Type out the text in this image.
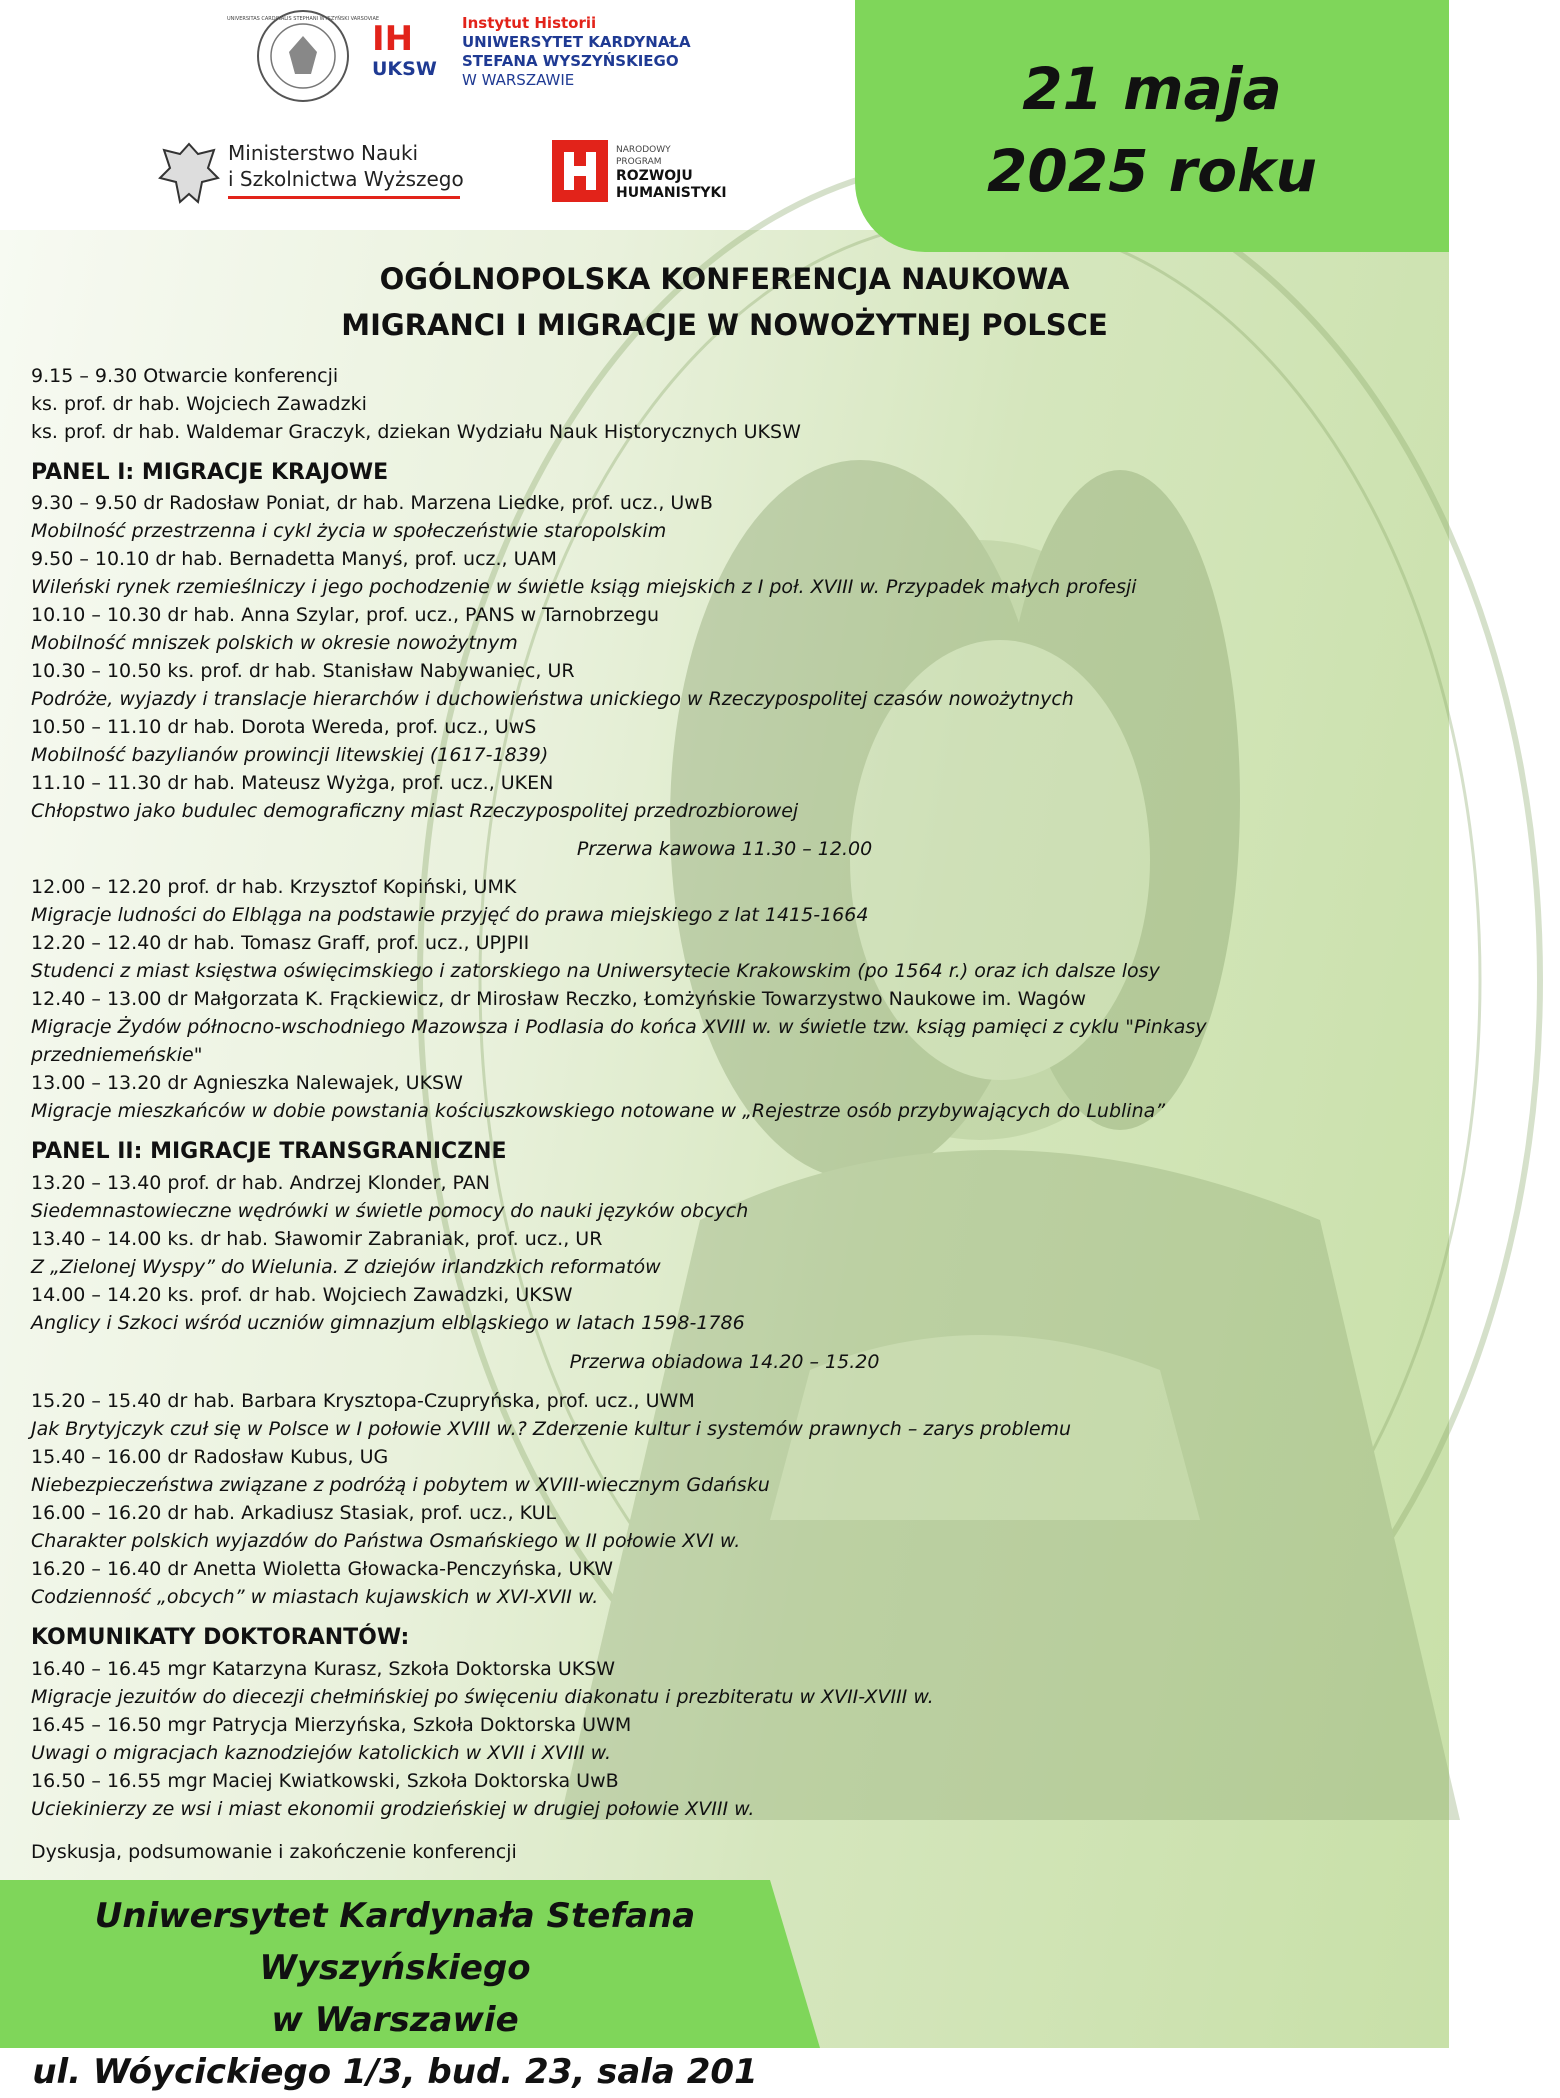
21 maja
2025 roku
UNIVERSITAS CARDINALIS STEPHANI WYSZYŃSKI VARSOVIAE
IH
UKSW
Instytut Historii
UNIWERSYTET KARDYNAŁA
STEFANA WYSZYŃSKIEGO
W WARSZAWIE
Ministerstwo Nauki
i Szkolnictwa Wyższego
NARODOWY
PROGRAM
ROZWOJU
HUMANISTYKI
OGÓLNOPOLSKA KONFERENCJA NAUKOWA
MIGRANCI I MIGRACJE W NOWOŻYTNEJ POLSCE
9.15 – 9.30 Otwarcie konferencji
ks. prof. dr hab. Wojciech Zawadzki
ks. prof. dr hab. Waldemar Graczyk, dziekan Wydziału Nauk Historycznych UKSW
PANEL I: MIGRACJE KRAJOWE
9.30 – 9.50 dr Radosław Poniat, dr hab. Marzena Liedke, prof. ucz., UwB
Mobilność przestrzenna i cykl życia w społeczeństwie staropolskim
9.50 – 10.10 dr hab. Bernadetta Manyś, prof. ucz., UAM
Wileński rynek rzemieślniczy i jego pochodzenie w świetle ksiąg miejskich z I poł. XVIII w. Przypadek małych profesji
10.10 – 10.30 dr hab. Anna Szylar, prof. ucz., PANS w Tarnobrzegu
Mobilność mniszek polskich w okresie nowożytnym
10.30 – 10.50 ks. prof. dr hab. Stanisław Nabywaniec, UR
Podróże, wyjazdy i translacje hierarchów i duchowieństwa unickiego w Rzeczypospolitej czasów nowożytnych
10.50 – 11.10 dr hab. Dorota Wereda, prof. ucz., UwS
Mobilność bazylianów prowincji litewskiej (1617-1839)
11.10 – 11.30 dr hab. Mateusz Wyżga, prof. ucz., UKEN
Chłopstwo jako budulec demograficzny miast Rzeczypospolitej przedrozbiorowej
Przerwa kawowa 11.30 – 12.00
12.00 – 12.20 prof. dr hab. Krzysztof Kopiński, UMK
Migracje ludności do Elbląga na podstawie przyjęć do prawa miejskiego z lat 1415-1664
12.20 – 12.40 dr hab. Tomasz Graff, prof. ucz., UPJPII
Studenci z miast księstwa oświęcimskiego i zatorskiego na Uniwersytecie Krakowskim (po 1564 r.) oraz ich dalsze losy
12.40 – 13.00 dr Małgorzata K. Frąckiewicz, dr Mirosław Reczko, Łomżyńskie Towarzystwo Naukowe im. Wagów
Migracje Żydów północno-wschodniego Mazowsza i Podlasia do końca XVIII w. w świetle tzw. ksiąg pamięci z cyklu "Pinkasy
przedniemeńskie"
13.00 – 13.20 dr Agnieszka Nalewajek, UKSW
Migracje mieszkańców w dobie powstania kościuszkowskiego notowane w „Rejestrze osób przybywających do Lublina”
PANEL II: MIGRACJE TRANSGRANICZNE
13.20 – 13.40 prof. dr hab. Andrzej Klonder, PAN
Siedemnastowieczne wędrówki w świetle pomocy do nauki języków obcych
13.40 – 14.00 ks. dr hab. Sławomir Zabraniak, prof. ucz., UR
Z „Zielonej Wyspy” do Wielunia. Z dziejów irlandzkich reformatów
14.00 – 14.20 ks. prof. dr hab. Wojciech Zawadzki, UKSW
Anglicy i Szkoci wśród uczniów gimnazjum elbląskiego w latach 1598-1786
Przerwa obiadowa 14.20 – 15.20
15.20 – 15.40 dr hab. Barbara Krysztopa-Czupryńska, prof. ucz., UWM
Jak Brytyjczyk czuł się w Polsce w I połowie XVIII w.? Zderzenie kultur i systemów prawnych – zarys problemu
15.40 – 16.00 dr Radosław Kubus, UG
Niebezpieczeństwa związane z podróżą i pobytem w XVIII-wiecznym Gdańsku
16.00 – 16.20 dr hab. Arkadiusz Stasiak, prof. ucz., KUL
Charakter polskich wyjazdów do Państwa Osmańskiego w II połowie XVI w.
16.20 – 16.40 dr Anetta Wioletta Głowacka-Penczyńska, UKW
Codzienność „obcych” w miastach kujawskich w XVI-XVII w.
KOMUNIKATY DOKTORANTÓW:
16.40 – 16.45 mgr Katarzyna Kurasz, Szkoła Doktorska UKSW
Migracje jezuitów do diecezji chełmińskiej po święceniu diakonatu i prezbiteratu w XVII-XVIII w.
16.45 – 16.50 mgr Patrycja Mierzyńska, Szkoła Doktorska UWM
Uwagi o migracjach kaznodziejów katolickich w XVII i XVIII w.
16.50 – 16.55 mgr Maciej Kwiatkowski, Szkoła Doktorska UwB
Uciekinierzy ze wsi i miast ekonomii grodzieńskiej w drugiej połowie XVIII w.
Dyskusja, podsumowanie i zakończenie konferencji
Uniwersytet Kardynała Stefana Wyszyńskiego
w Warszawie
ul. Wóycickiego 1/3, bud. 23, sala 201
